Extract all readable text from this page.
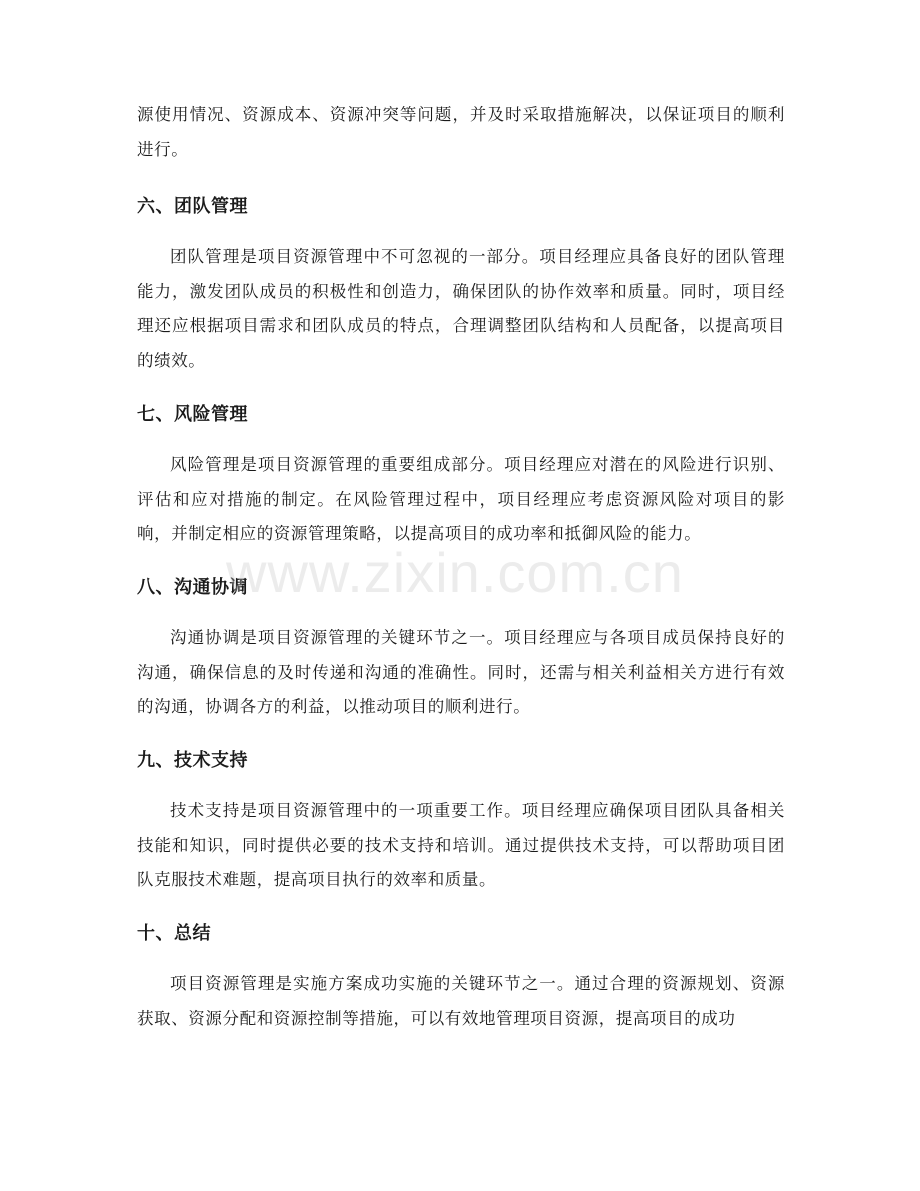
源使用情况、资源成本、资源冲突等问题，并及时采取措施解决，以保证项目的顺利进行。

六、团队管理

团队管理是项目资源管理中不可忽视的一部分。项目经理应具备良好的团队管理能力，激发团队成员的积极性和创造力，确保团队的协作效率和质量。同时，项目经理还应根据项目需求和团队成员的特点，合理调整团队结构和人员配备，以提高项目的绩效。

七、风险管理

风险管理是项目资源管理的重要组成部分。项目经理应对潜在的风险进行识别、评估和应对措施的制定。在风险管理过程中，项目经理应考虑资源风险对项目的影响，并制定相应的资源管理策略，以提高项目的成功率和抵御风险的能力。

八、沟通协调

沟通协调是项目资源管理的关键环节之一。项目经理应与各项目成员保持良好的沟通，确保信息的及时传递和沟通的准确性。同时，还需与相关利益相关方进行有效的沟通，协调各方的利益，以推动项目的顺利进行。

九、技术支持

技术支持是项目资源管理中的一项重要工作。项目经理应确保项目团队具备相关技能和知识，同时提供必要的技术支持和培训。通过提供技术支持，可以帮助项目团队克服技术难题，提高项目执行的效率和质量。

十、总结

项目资源管理是实施方案成功实施的关键环节之一。通过合理的资源规划、资源获取、资源分配和资源控制等措施，可以有效地管理项目资源，提高项目的成功

www.zixin.com.cn
